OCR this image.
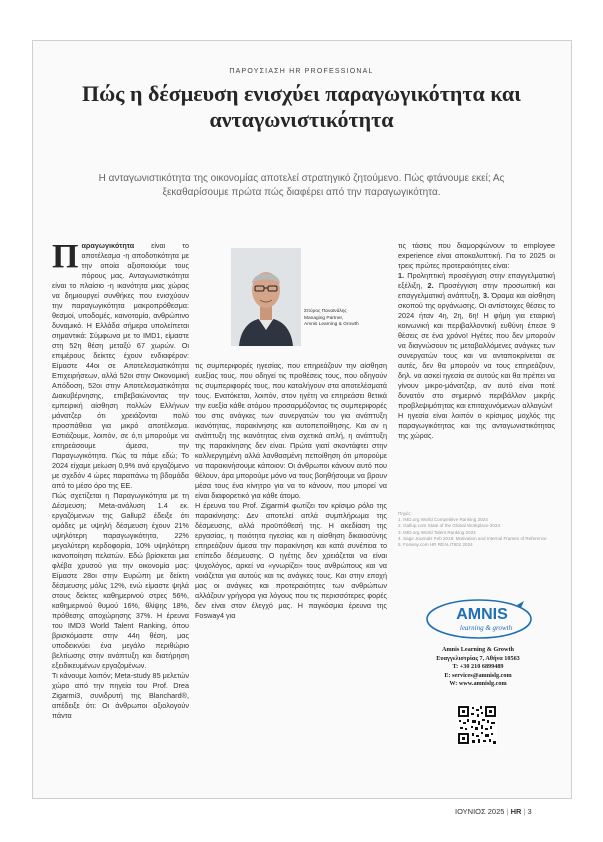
ΠΑΡΟΥΣΙΑΣΗ HR PROFESSIONAL
Πώς η δέσμευση ενισχύει παραγωγικότητα και ανταγωνιστικότητα
Η ανταγωνιστικότητα της οικονομίας αποτελεί στρατηγικό ζητούμενο. Πώς φτάνουμε εκεί; Ας ξεκαθαρίσουμε πρώτα πώς διαφέρει από την παραγωγικότητα.

Παραγωγικότητα είναι το αποτέλεσμα -η αποδοτικότητα με την οποία αξιοποιούμε τους πόρους μας. Ανταγωνιστικότητα είναι το πλαίσιο -η ικανότητα μιας χώρας να δημιουργεί συνθήκες που ενισχύουν την παραγωγικότητα μακροπρόθεσμα: θεσμοί, υποδομές, καινοτομία, ανθρώπινο δυναμικό. Η Ελλάδα σήμερα υπολείπεται σημαντικά: Σύμφωνα με το IMD1, είμαστε στη 52η θέση μεταξύ 67 χωρών. Οι επιμέρους δείκτες έχουν ενδιαφέρον: Είμαστε 44οι σε Αποτελεσματικότητα Επιχειρήσεων, αλλά 52οι στην Οικονομική Απόδοση, 52οι στην Αποτελεσματικότητα Διακυβέρνησης, επιβεβαιώνοντας την εμπειρική αίσθηση πολλών Ελλήνων μάνατζερ ότι χρειάζονται πολύ προσπάθεια για μικρό αποτέλεσμα. Εστιάζουμε, λοιπόν, σε ό,τι μπορούμε να επηρεάσουμε άμεσα, την Παραγωγικότητα. Πώς τα πάμε εδώ; Το 2024 είχαμε μείωση 0,9% ανά εργαζόμενο με σχεδόν 4 ώρες παραπάνω τη βδομάδα από το μέσο όρο της ΕΕ.

Πώς σχετίζεται η Παραγωγικότητα με τη Δέσμευση; Meta-ανάλυση 1.4 εκ. εργαζόμενων της Gallup2 έδειξε ότι ομάδες με υψηλή δέσμευση έχουν 21% υψηλότερη παραγωγικότητα, 22% μεγαλύτερη κερδοφορία, 10% υψηλότερη ικανοποίηση πελατών. Εδώ βρίσκεται μια φλέβα χρυσού για την οικονομία μας: Είμαστε 28οι στην Ευρώπη με δείκτη δέσμευσης μόλις 12%, ενώ είμαστε ψηλά στους δείκτες καθημερινού στρες 56%, καθημερινού θυμού 16%, θλίψης 18%, πρόθεσης αποχώρησης 37%. Η έρευνα του IMD3 World Talent Ranking, όπου βρισκόμαστε στην 44η θέση, μας υποδεικνύει ένα μεγάλο περιθώριο βελτίωσης στην ανάπτυξη και διατήρηση εξειδικευμένων εργαζομένων.

Τι κάνουμε λοιπόν; Meta-study 85 μελετών χώρο από την πηγεία του Prof. Drea Zigarmi3, συνιδρυτή της Blanchard®, απέδειξε ότι: Οι άνθρωποι αξιολογούν πάντα

Σπύρος Παναϊνάλης
Managing Partner,
Amnis Learning & Growth

τις συμπεριφορές ηγεσίας, που επηρεάζουν την αίσθηση ευεξίας τους, που οδηγεί τις προθέσεις τους, που οδηγούν τις συμπεριφορές τους, που καταλήγουν στα αποτελέσματά τους. Ενατόκεται, λοιπόν, στον ηγέτη να επηρεάσει θετικά την ευεξία κάθε ατόμου προσαρμόζοντας τις συμπεριφορές του στις ανάγκες των συνεργατών του για ανάπτυξη ικανότητας, παρακίνησης και αυτοπεποίθησης. Και αν η ανάπτυξη της ικανότητας είναι σχετικά απλή, η ανάπτυξη της παρακίνησης δεν είναι. Πρώτα γιατί σκοντάφτει στην καλλιεργημένη αλλά λανθασμένη πεποίθηση ότι μπορούμε να παρακινήσουμε κάποιον: Οι άνθρωποι κάνουν αυτό που θέλουν, άρα μπορούμε μόνο να τους βοηθήσουμε να βρουν μέσα τους ένα κίνητρο για να το κάνουν, που μπορεί να είναι διαφορετικό για κάθε άτομο.

Η έρευνα του Prof. Zigarmi4 φωτίζει τον κρίσιμο ρόλο της παρακίνησης: Δεν αποτελεί απλά συμπλήρωμα της δέσμευσης, αλλά προϋπόθεσή της. Η ακεδίαση της εργασίας, η ποιότητα ηγεσίας και η αίσθηση δικαιοσύνης επηρεάζουν άμεσα την παρακίνηση και κατά συνέπεια το επίπεδο δέσμευσης. Ο ηγέτης δεν χρειάζεται να είναι ψυχολόγος, αρκεί να «γνωρίζει» τους ανθρώπους και να νοιάζεται για αυτούς και τις ανάγκες τους. Και στην εποχή μας οι ανάγκες και προτεραιότητες των ανθρώπων αλλάζουν γρήγορα για λόγους που τις περισσότερες φορές δεν είναι στον έλεγχό μας. Η παγκόσμια έρευνα της Fosway4 για

τις τάσεις που διαμορφώνουν το employee experience είναι αποκαλυπτική. Για το 2025 οι τρεις πρώτες προτεραιότητες είναι:

1. Προληπτική προσέγγιση στην επαγγελματική εξέλιξη, 2. Προσέγγιση στην προσωπική και επαγγελματική ανάπτυξη, 3. Όραμα και αίσθηση σκοπού της οργάνωσης. Οι αντίστοιχες θέσεις το 2024 ήταν 4η, 2η, 6η! Η φήμη για εταιρική κοινωνική και περιβαλλοντική ευθύνη έπεσε 9 θέσεις σε ένα χρόνο! Ηγέτες που δεν μπορούν να διαγνώσουν τις μεταβαλλόμενες ανάγκες των συνεργατών τους και να ανταποκρίνεται σε αυτές, δεν θα μπορούν να τους επηρεάζουν, δηλ. να ασκεί ηγεσία σε αυτούς και θα πρέπει να γίνουν μικρο-μάνατζερ, αν αυτό είναι ποτέ δυνατόν στο σημερινό περιβάλλον μικρής προβλεψιμότητας και επιταχυνόμενων αλλαγών!

Η ηγεσία είναι λοιπόν ο κρίσιμος μοχλός της παραγωγικότητας και της ανταγωνιστικότητας της χώρας.

Πηγές:
1. IMD.org World Competitive Ranking 2024
2. Gallup.com State of the Global Workplace 2024
3. IMD.org World Talent Ranking 2024
4. Sage Journals Feb 2018: Motivation and Internal Frames of Reference
5. Fosway.com HR REALITIES 2024
AMNIS
learning & growth
Amnis Learning & Growth
Ευαγγελιστρίας 7, Αθήνα 10563
T: +30 210 6899489
E: services@amnislg.com
W: www.amnislg.com
ΙΟΥΝΙΟΣ 2025 | HR | 3
